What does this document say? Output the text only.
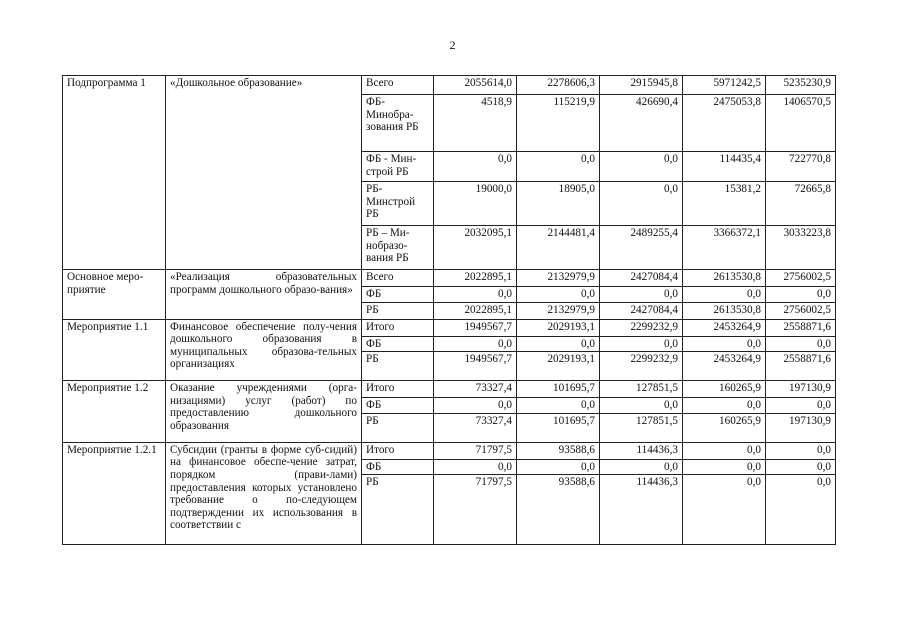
2
Подпрограмма 1	«Дошкольное образование»	Всего	2055614,0	2278606,3	2915945,8	5971242,5	5235230,9
		ФБ-Минобра-зования РБ	4518,9	115219,9	426690,4	2475053,8	1406570,5
		ФБ - Мин-строй РБ	0,0	0,0	0,0	114435,4	722770,8
		РБ-Минстрой РБ	19000,0	18905,0	0,0	15381,2	72665,8
		РБ – Ми-нобразо-вания РБ	2032095,1	2144481,4	2489255,4	3366372,1	3033223,8
Основное меро-приятие	«Реализация образовательных программ дошкольного образо-вания»	Всего	2022895,1	2132979,9	2427084,4	2613530,8	2756002,5
		ФБ	0,0	0,0	0,0	0,0	0,0
		РБ	2022895,1	2132979,9	2427084,4	2613530,8	2756002,5
Мероприятие 1.1	Финансовое обеспечение полу-чения дошкольного образования в муниципальных образова-тельных организациях	Итого	1949567,7	2029193,1	2299232,9	2453264,9	2558871,6
		ФБ	0,0	0,0	0,0	0,0	0,0
		РБ	1949567,7	2029193,1	2299232,9	2453264,9	2558871,6
Мероприятие 1.2	Оказание учреждениями (орга-низациями) услуг (работ) по предоставлению дошкольного образования	Итого	73327,4	101695,7	127851,5	160265,9	197130,9
		ФБ	0,0	0,0	0,0	0,0	0,0
		РБ	73327,4	101695,7	127851,5	160265,9	197130,9
Мероприятие 1.2.1	Субсидии (гранты в форме суб-сидий) на финансовое обеспе-чение затрат, порядком (прави-лами) предоставления которых установлено требование о по-следующем подтверждении их использования в соответствии с	Итого	71797,5	93588,6	114436,3	0,0	0,0
		ФБ	0,0	0,0	0,0	0,0	0,0
		РБ	71797,5	93588,6	114436,3	0,0	0,0
